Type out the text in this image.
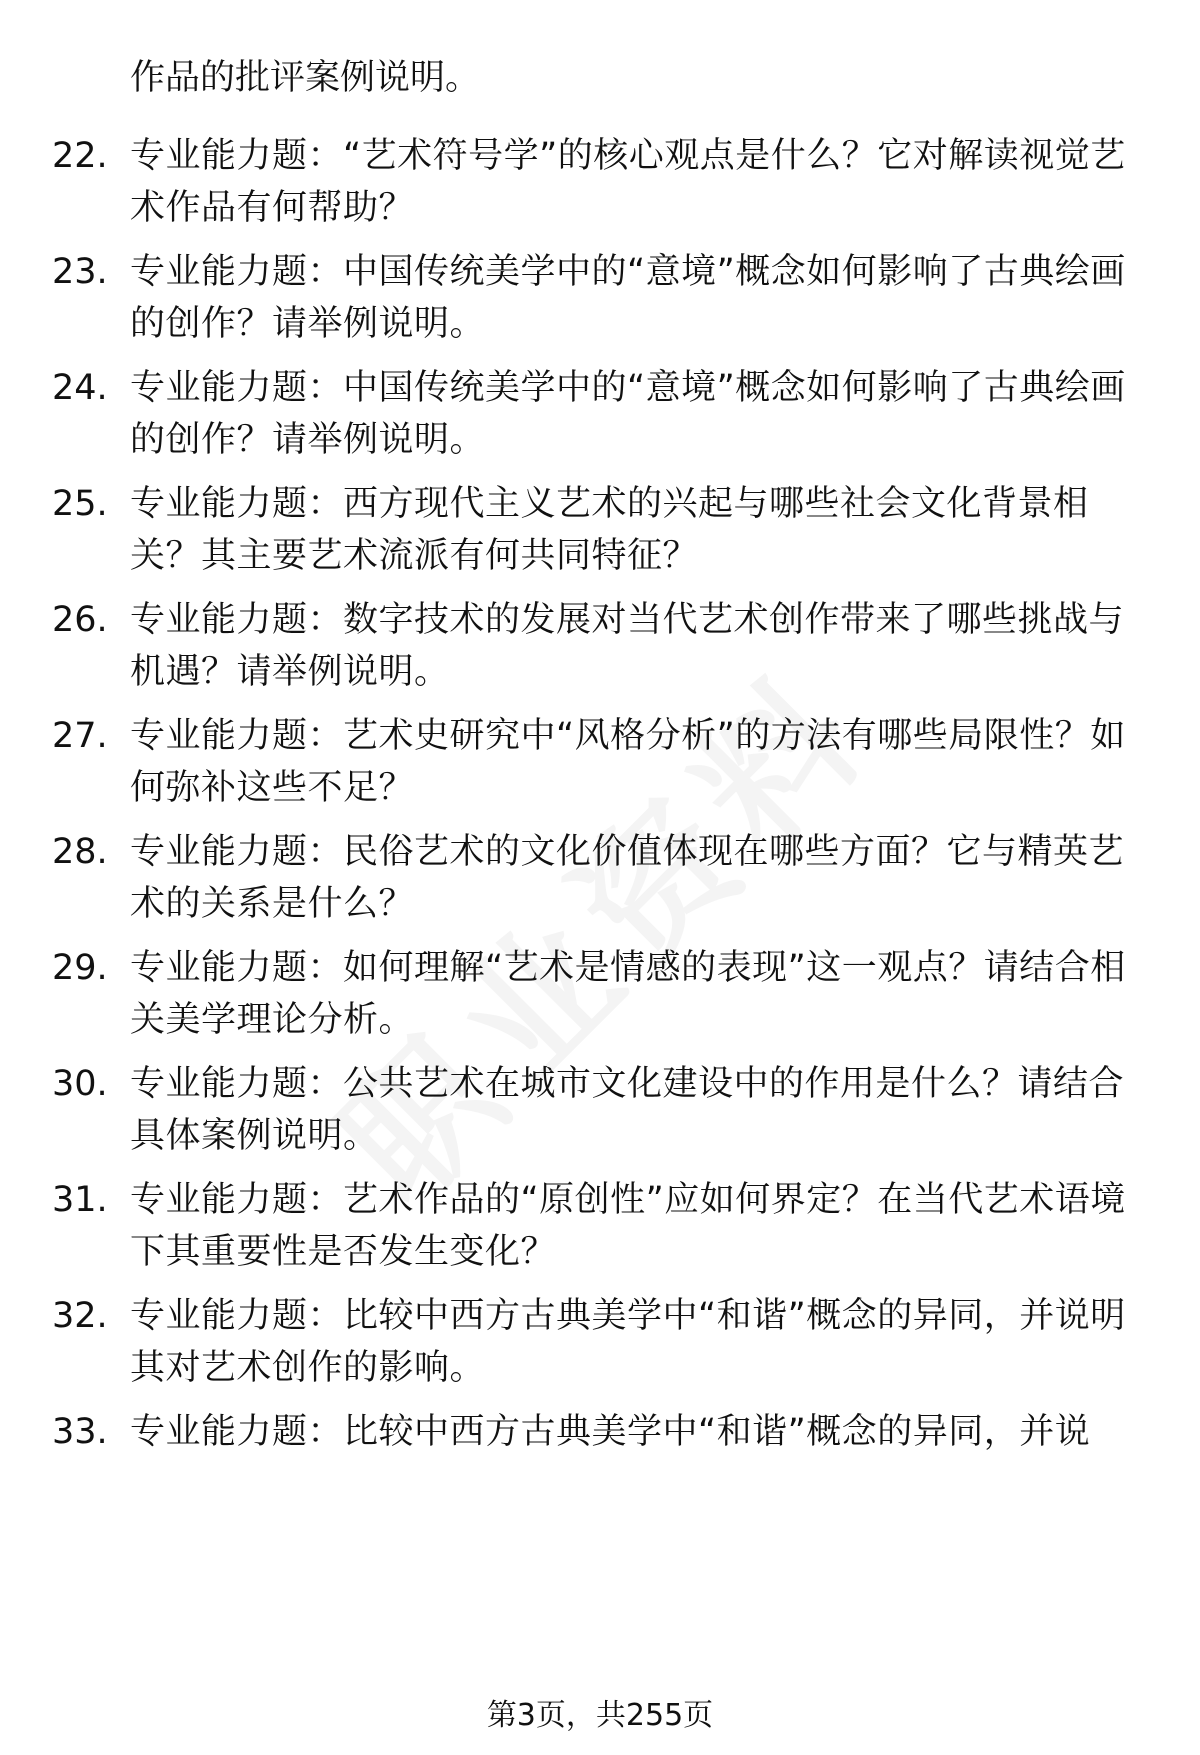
作品的批评案例说明。
22. 专业能力题：“艺术符号学”的核心观点是什么？它对解读视觉艺术作品有何帮助？
23. 专业能力题：中国传统美学中的“意境”概念如何影响了古典绘画的创作？请举例说明。
24. 专业能力题：中国传统美学中的“意境”概念如何影响了古典绘画的创作？请举例说明。
25. 专业能力题：西方现代主义艺术的兴起与哪些社会文化背景相关？其主要艺术流派有何共同特征？
26. 专业能力题：数字技术的发展对当代艺术创作带来了哪些挑战与机遇？请举例说明。
27. 专业能力题：艺术史研究中“风格分析”的方法有哪些局限性？如何弥补这些不足？
28. 专业能力题：民俗艺术的文化价值体现在哪些方面？它与精英艺术的关系是什么？
29. 专业能力题：如何理解“艺术是情感的表现”这一观点？请结合相关美学理论分析。
30. 专业能力题：公共艺术在城市文化建设中的作用是什么？请结合具体案例说明。
31. 专业能力题：艺术作品的“原创性”应如何界定？在当代艺术语境下其重要性是否发生变化？
32. 专业能力题：比较中西方古典美学中“和谐”概念的异同，并说明其对艺术创作的影响。
33. 专业能力题：比较中西方古典美学中“和谐”概念的异同，并说
第3页，共255页
